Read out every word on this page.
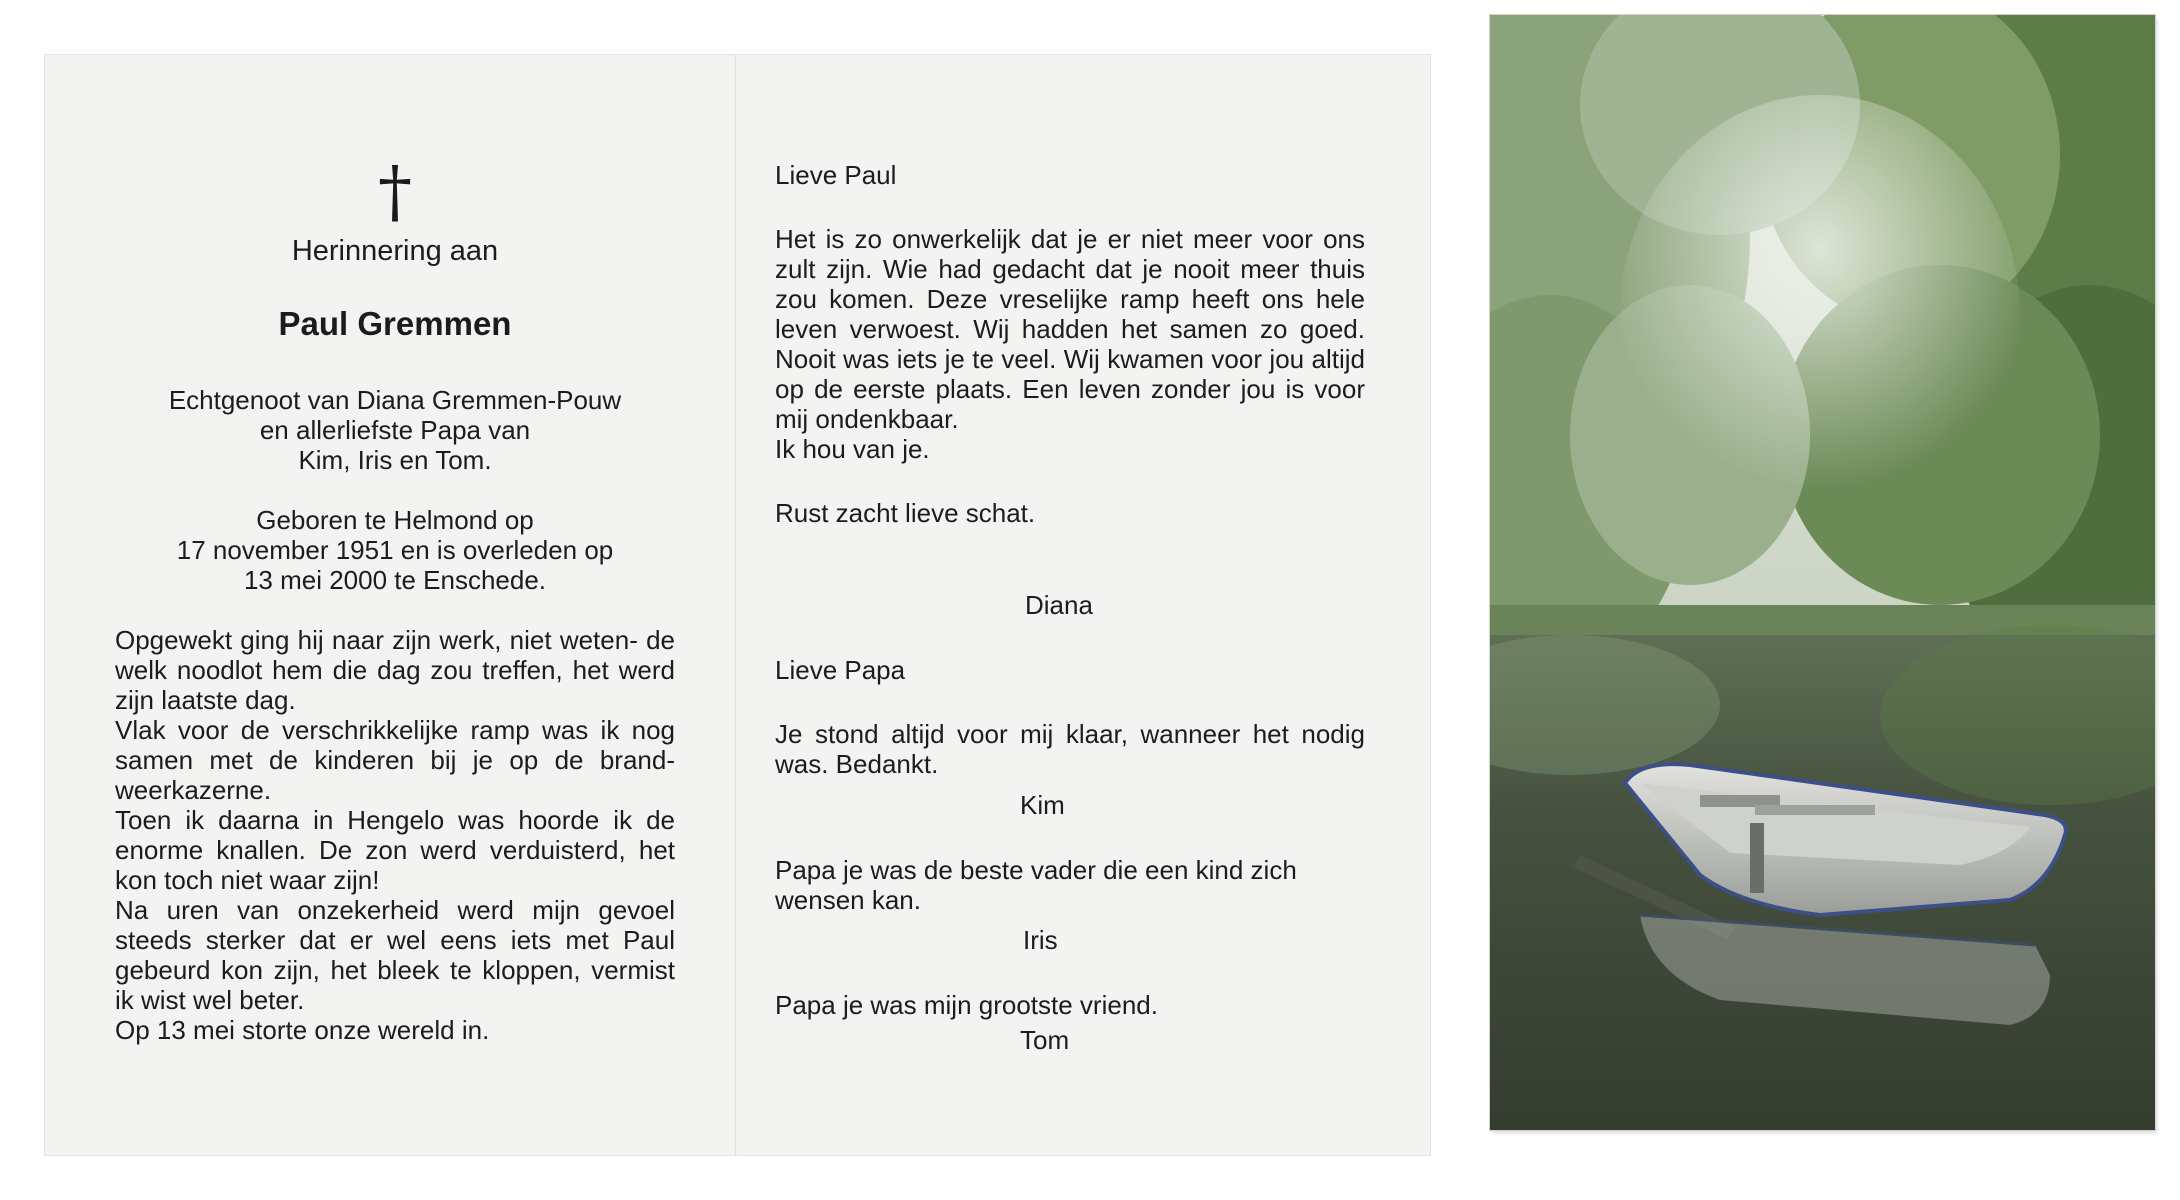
†
Herinnering aan
Paul Gremmen
Echtgenoot van Diana Gremmen-Pouw
en allerliefste Papa van
Kim, Iris en Tom.
Geboren te Helmond op
17 november 1951 en is overleden op
13 mei 2000 te Enschede.

Opgewekt ging hij naar zijn werk, niet weten- de welk noodlot hem die dag zou treffen, het werd zijn laatste dag.

Vlak voor de verschrikkelijke ramp was ik nog samen met de kinderen bij je op de brand- weerkazerne.

Toen ik daarna in Hengelo was hoorde ik de enorme knallen. De zon werd verduisterd, het kon toch niet waar zijn!

Na uren van onzekerheid werd mijn gevoel steeds sterker dat er wel eens iets met Paul gebeurd kon zijn, het bleek te kloppen, vermist ik wist wel beter.

Op 13 mei storte onze wereld in.

Lieve Paul

Het is zo onwerkelijk dat je er niet meer voor ons zult zijn. Wie had gedacht dat je nooit meer thuis zou komen. Deze vreselijke ramp heeft ons hele leven verwoest. Wij hadden het samen zo goed. Nooit was iets je te veel. Wij kwamen voor jou altijd op de eerste plaats. Een leven zonder jou is voor mij ondenkbaar.

Ik hou van je.

Rust zacht lieve schat.

Diana

Lieve Papa

Je stond altijd voor mij klaar, wanneer het nodig was. Bedankt.

Kim

Papa je was de beste vader die een kind zich wensen kan.

Iris

Papa je was mijn grootste vriend.

Tom
